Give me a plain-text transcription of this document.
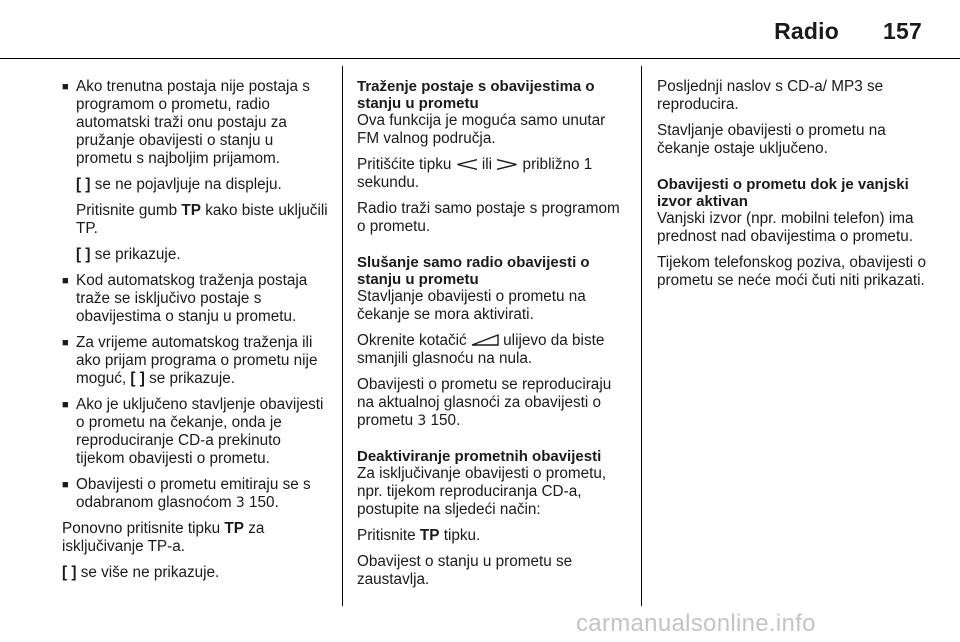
Radio 157
■ Ako trenutna postaja nije postaja s programom o prometu, radio automatski traži onu postaju za pružanje obavijesti o stanju u prometu s najboljim prijamom.

[ ] se ne pojavljuje na displeju.

Pritisnite gumb TP kako biste uključili TP.

[ ] se prikazuje.

■ Kod automatskog traženja postaja traže se isključivo postaje s obavijestima o stanju u prometu.
■ Za vrijeme automatskog traženja ili ako prijam programa o prometu nije moguć, [ ] se prikazuje.
■ Ako je uključeno stavljenje obavijesti o prometu na čekanje, onda je reproduciranje CD-a prekinuto tijekom obavijesti o prometu.
■ Obavijesti o prometu emitiraju se s odabranom glasnoćom 3 150.

Ponovno pritisnite tipku TP za isključivanje TP-a.

[ ] se više ne prikazuje.

Traženje postaje s obavijestima o stanju u prometu

Ova funkcija je moguća samo unutar FM valnog područja.

Pritišćite tipku  ili  približno 1 sekundu.

Radio traži samo postaje s programom o prometu.

Slušanje samo radio obavijesti o stanju u prometu

Stavljanje obavijesti o prometu na čekanje se mora aktivirati.

Okrenite kotačić  ulijevo da biste smanjili glasnoću na nula.

Obavijesti o prometu se reproduciraju na aktualnoj glasnoći za obavijesti o prometu 3 150.

Deaktiviranje prometnih obavijesti

Za isključivanje obavijesti o prometu, npr. tijekom reproduciranja CD-a, postupite na sljedeći način:

Pritisnite TP tipku.

Obavijest o stanju u prometu se zaustavlja.

Posljednji naslov s CD-a/ MP3 se reproducira.

Stavljanje obavijesti o prometu na čekanje ostaje uključeno.

Obavijesti o prometu dok je vanjski izvor aktivan

Vanjski izvor (npr. mobilni telefon) ima prednost nad obavijestima o prometu.

Tijekom telefonskog poziva, obavijesti o prometu se neće moći čuti niti prikazati.

carmanualsonline.info
